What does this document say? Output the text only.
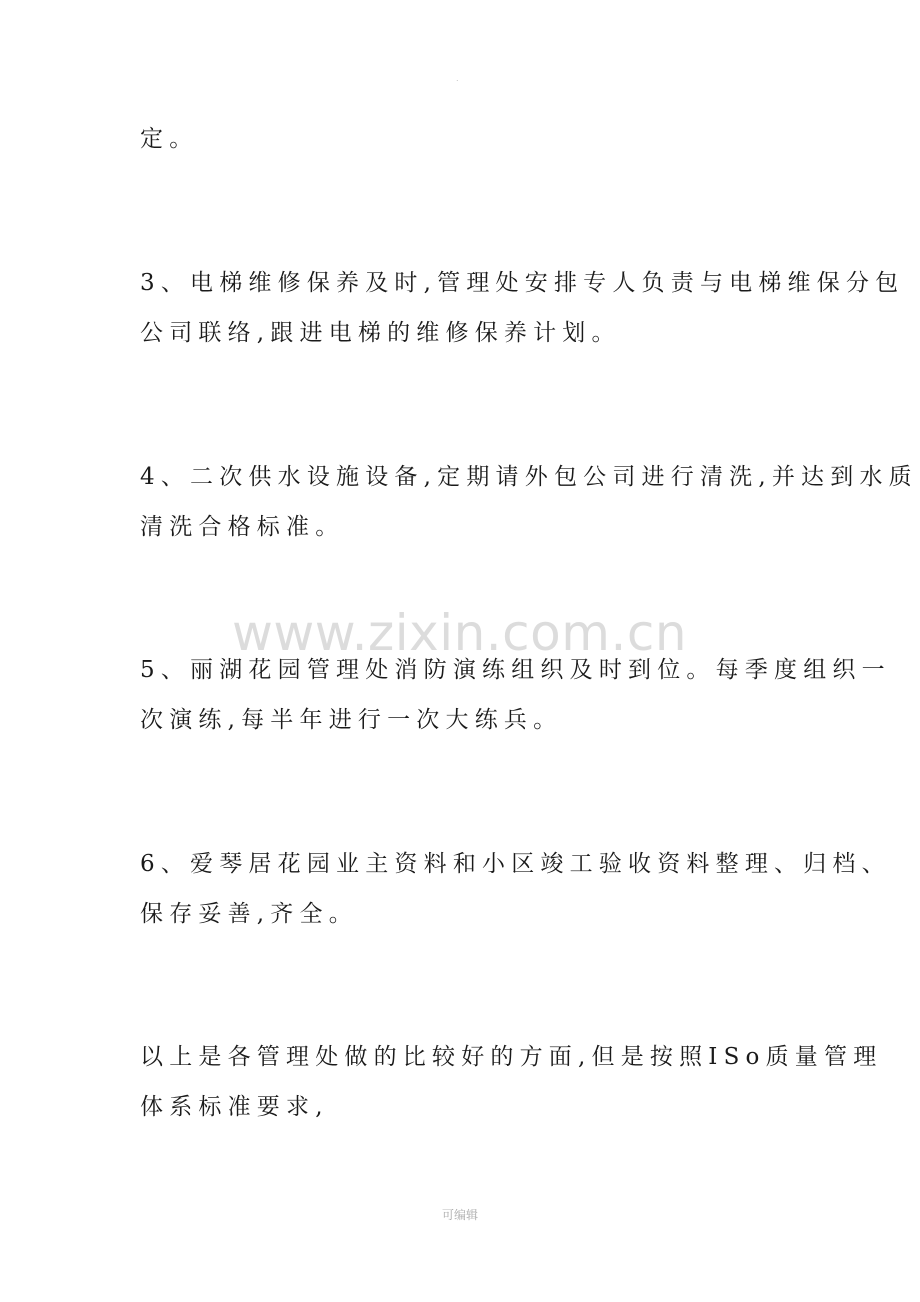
.
定。
3、电梯维修保养及时,管理处安排专人负责与电梯维保分包
公司联络,跟进电梯的维修保养计划。
4、二次供水设施设备,定期请外包公司进行清洗,并达到水质
清洗合格标准。
www.zixin.com.cn
5、丽湖花园管理处消防演练组织及时到位。每季度组织一
次演练,每半年进行一次大练兵。
6、爱琴居花园业主资料和小区竣工验收资料整理、归档、
保存妥善,齐全。
以上是各管理处做的比较好的方面,但是按照ISo质量管理
体系标准要求,
可编辑
